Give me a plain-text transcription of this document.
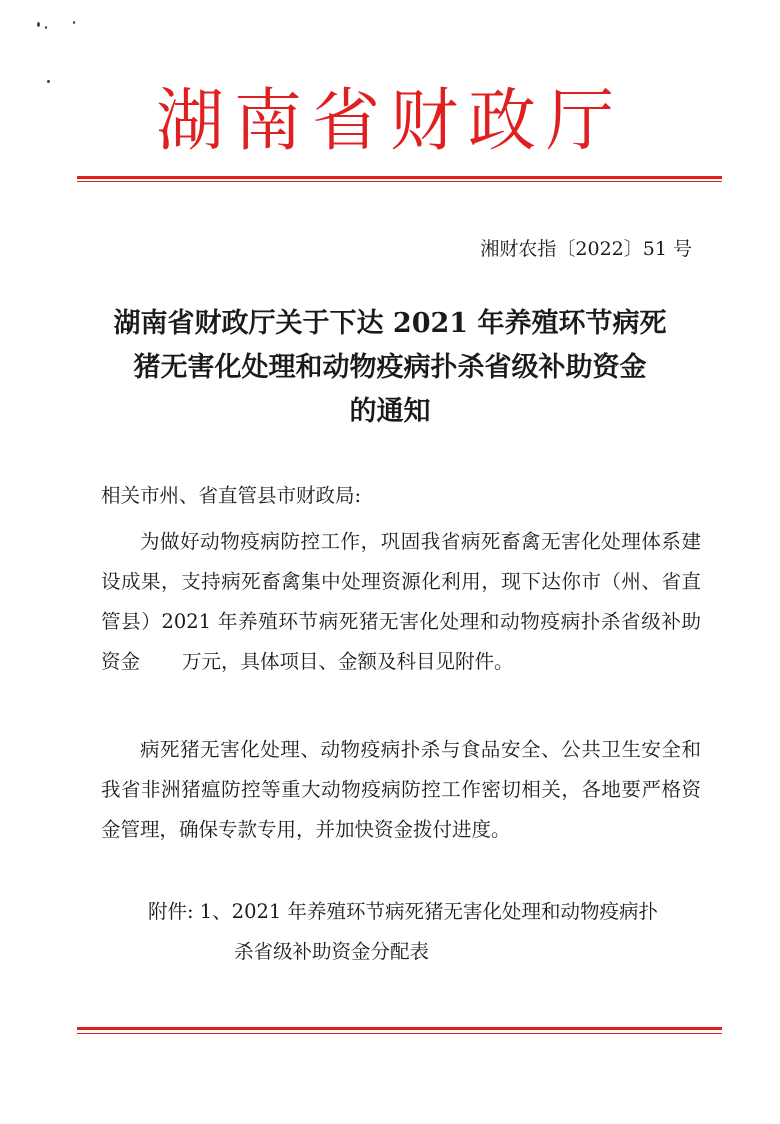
湖南省财政厅
湘财农指〔2022〕51 号
湖南省财政厅关于下达 2021 年养殖环节病死
猪无害化处理和动物疫病扑杀省级补助资金
的通知

相关市州、省直管县市财政局:

为做好动物疫病防控工作，巩固我省病死畜禽无害化处理体系建设成果，支持病死畜禽集中处理资源化利用，现下达你市（州、省直管县）2021 年养殖环节病死猪无害化处理和动物疫病扑杀省级补助资金 万元，具体项目、金额及科目见附件。

病死猪无害化处理、动物疫病扑杀与食品安全、公共卫生安全和我省非洲猪瘟防控等重大动物疫病防控工作密切相关，各地要严格资金管理，确保专款专用，并加快资金拨付进度。

附件: 1、2021 年养殖环节病死猪无害化处理和动物疫病扑
杀省级补助资金分配表
